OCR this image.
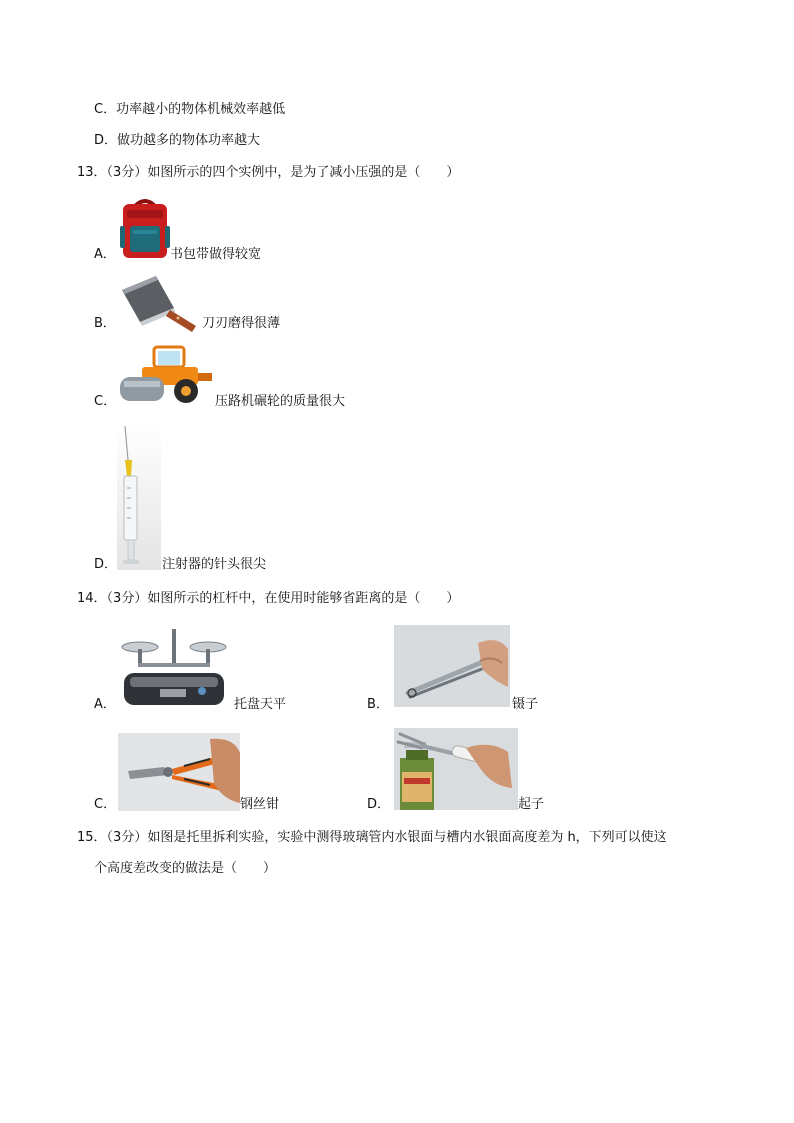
C．功率越小的物体机械效率越低
D．做功越多的物体功率越大
13．（3分）如图所示的四个实例中，是为了减小压强的是（　　）
A．	书包带做得较宽
B．	刀刃磨得很薄
C．	压路机碾轮的质量很大
D．	注射器的针头很尖
14．（3分）如图所示的杠杆中，在使用时能够省距离的是（　　）
A．	托盘天平	B．	镊子
C．	钢丝钳	D．	起子
15．（3分）如图是托里拆利实验，实验中测得玻璃管内水银面与槽内水银面高度差为 h，下列可以使这
个高度差改变的做法是（　　）
